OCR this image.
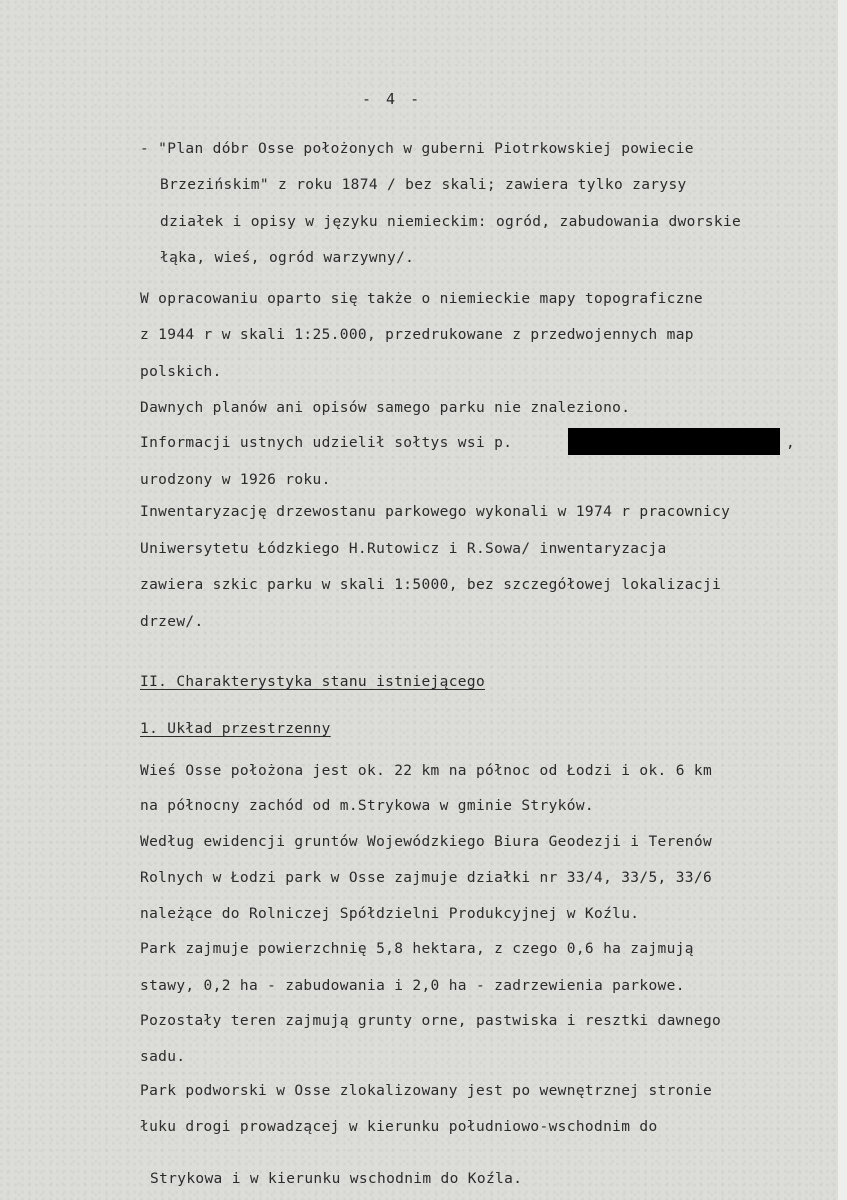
- 4 -
- "Plan dóbr Osse położonych w guberni Piotrkowskiej powiecie
Brzezińskim" z roku 1874 / bez skali; zawiera tylko zarysy
działek i opisy w języku niemieckim: ogród, zabudowania dworskie
łąka, wieś, ogród warzywny/.
W opracowaniu oparto się także o niemieckie mapy topograficzne
z 1944 r w skali 1:25.000, przedrukowane z przedwojennych map
polskich.
Dawnych planów ani opisów samego parku nie znaleziono.
Informacji ustnych udzielił sołtys wsi p.	,
urodzony w 1926 roku.
Inwentaryzację drzewostanu parkowego wykonali w 1974 r pracownicy
Uniwersytetu Łódzkiego H.Rutowicz i R.Sowa/ inwentaryzacja
zawiera szkic parku w skali 1:5000, bez szczegółowej lokalizacji
drzew/.
II. Charakterystyka stanu istniejącego
1. Układ przestrzenny
Wieś Osse położona jest ok. 22 km na północ od Łodzi i ok. 6 km
na północny zachód od m.Strykowa w gminie Stryków.
Według ewidencji gruntów Wojewódzkiego Biura Geodezji i Terenów
Rolnych w Łodzi park w Osse zajmuje działki nr 33/4, 33/5, 33/6
należące do Rolniczej Spółdzielni Produkcyjnej w Koźlu.
Park zajmuje powierzchnię 5,8 hektara, z czego 0,6 ha zajmują
stawy, 0,2 ha - zabudowania i 2,0 ha - zadrzewienia parkowe.
Pozostały teren zajmują grunty orne, pastwiska i resztki dawnego
sadu.
Park podworski w Osse zlokalizowany jest po wewnętrznej stronie
łuku drogi prowadzącej w kierunku południowo-wschodnim do
Strykowa i w kierunku wschodnim do Koźla.
